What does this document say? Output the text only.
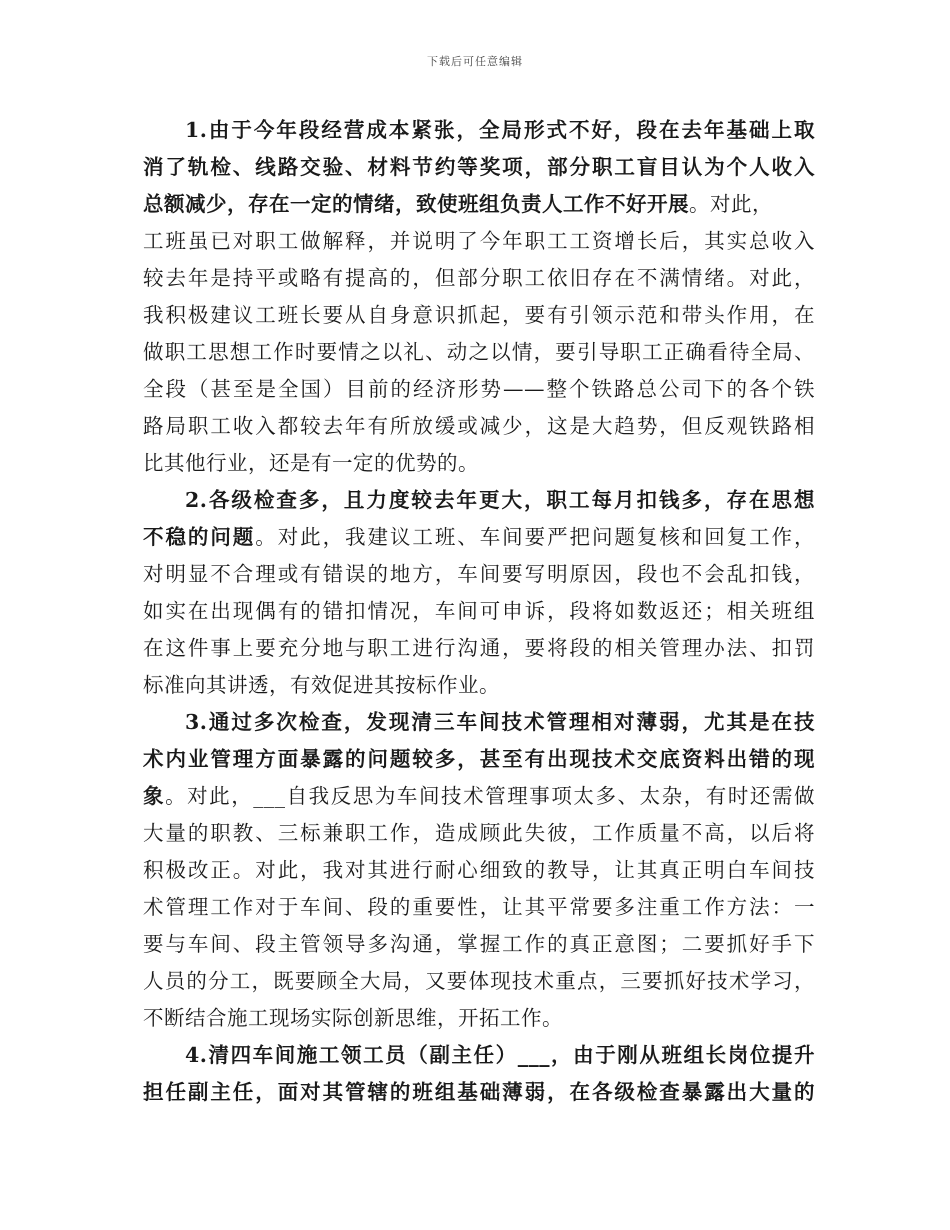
下载后可任意编辑
1.由于今年段经营成本紧张，全局形式不好，段在去年基础上取
消了轨检、线路交验、材料节约等奖项，部分职工盲目认为个人收入
总额减少，存在一定的情绪，致使班组负责人工作不好开展。对此，
工班虽已对职工做解释，并说明了今年职工工资增长后，其实总收入
较去年是持平或略有提高的，但部分职工依旧存在不满情绪。对此，
我积极建议工班长要从自身意识抓起，要有引领示范和带头作用，在
做职工思想工作时要情之以礼、动之以情，要引导职工正确看待全局、
全段（甚至是全国）目前的经济形势——整个铁路总公司下的各个铁
路局职工收入都较去年有所放缓或减少，这是大趋势，但反观铁路相
比其他行业，还是有一定的优势的。
2.各级检查多，且力度较去年更大，职工每月扣钱多，存在思想
不稳的问题。对此，我建议工班、车间要严把问题复核和回复工作，
对明显不合理或有错误的地方，车间要写明原因，段也不会乱扣钱，
如实在出现偶有的错扣情况，车间可申诉，段将如数返还；相关班组
在这件事上要充分地与职工进行沟通，要将段的相关管理办法、扣罚
标准向其讲透，有效促进其按标作业。
3.通过多次检查，发现清三车间技术管理相对薄弱，尤其是在技
术内业管理方面暴露的问题较多，甚至有出现技术交底资料出错的现
象。对此，___自我反思为车间技术管理事项太多、太杂，有时还需做
大量的职教、三标兼职工作，造成顾此失彼，工作质量不高，以后将
积极改正。对此，我对其进行耐心细致的教导，让其真正明白车间技
术管理工作对于车间、段的重要性，让其平常要多注重工作方法：一
要与车间、段主管领导多沟通，掌握工作的真正意图；二要抓好手下
人员的分工，既要顾全大局，又要体现技术重点，三要抓好技术学习，
不断结合施工现场实际创新思维，开拓工作。
4.清四车间施工领工员（副主任）___，由于刚从班组长岗位提升
担任副主任，面对其管辖的班组基础薄弱，在各级检查暴露出大量的
